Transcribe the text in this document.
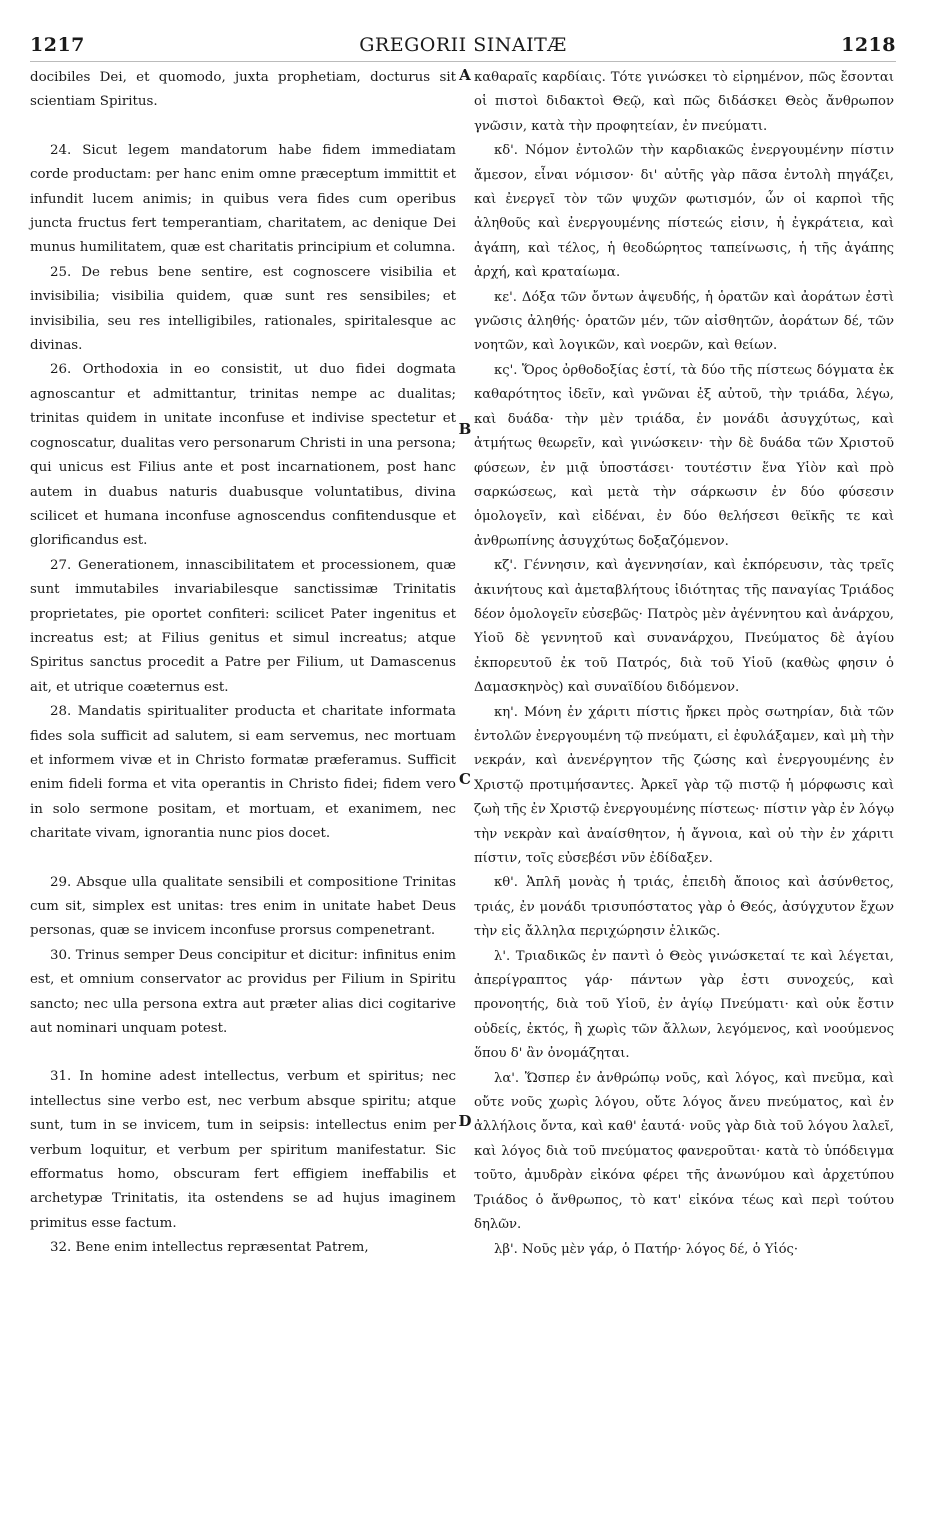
1217	GREGORII SINAITÆ	1218

docibiles Dei, et quomodo, juxta prophetiam, docturus sit scientiam Spiritus.

24. Sicut legem mandatorum habe fidem immediatam corde productam: per hanc enim omne præceptum immittit et infundit lucem animis; in quibus vera fides cum operibus juncta fructus fert temperantiam, charitatem, ac denique Dei munus humilitatem, quæ est charitatis principium et columna.

25. De rebus bene sentire, est cognoscere visibilia et invisibilia; visibilia quidem, quæ sunt res sensibiles; et invisibilia, seu res intelligibiles, rationales, spiritalesque ac divinas.

26. Orthodoxia in eo consistit, ut duo fidei dogmata agnoscantur et admittantur, trinitas nempe ac dualitas; trinitas quidem in unitate inconfuse et indivise spectetur et cognoscatur, dualitas vero personarum Christi in una persona; qui unicus est Filius ante et post incarnationem, post hanc autem in duabus naturis duabusque voluntatibus, divina scilicet et humana inconfuse agnoscendus confitendusque et glorificandus est.

27. Generationem, innascibilitatem et processionem, quæ sunt immutabiles invariabilesque sanctissimæ Trinitatis proprietates, pie oportet confiteri: scilicet Pater ingenitus et increatus est; at Filius genitus et simul increatus; atque Spiritus sanctus procedit a Patre per Filium, ut Damascenus ait, et utrique coæternus est.

28. Mandatis spiritualiter producta et charitate informata fides sola sufficit ad salutem, si eam servemus, nec mortuam et informem vivæ et in Christo formatæ præferamus. Sufficit enim fideli forma et vita operantis in Christo fidei; fidem vero in solo sermone positam, et mortuam, et exanimem, nec charitate vivam, ignorantia nunc pios docet.

29. Absque ulla qualitate sensibili et compositione Trinitas cum sit, simplex est unitas: tres enim in unitate habet Deus personas, quæ se invicem inconfuse prorsus compenetrant.

30. Trinus semper Deus concipitur et dicitur: infinitus enim est, et omnium conservator ac providus per Filium in Spiritu sancto; nec ulla persona extra aut præter alias dici cogitarive aut nominari unquam potest.

31. In homine adest intellectus, verbum et spiritus; nec intellectus sine verbo est, nec verbum absque spiritu; atque sunt, tum in se invicem, tum in seipsis: intellectus enim per verbum loquitur, et verbum per spiritum manifestatur. Sic efformatus homo, obscuram fert effigiem ineffabilis et archetypæ Trinitatis, ita ostendens se ad hujus imaginem primitus esse factum.

32. Bene enim intellectus repræsentat Patrem,

A
B
C
D

καθαραῖς καρδίαις. Τότε γινώσκει τὸ εἰρημένον, πῶς ἔσονται οἱ πιστοὶ διδακτοὶ Θεῷ, καὶ πῶς διδάσκει Θεὸς ἄνθρωπον γνῶσιν, κατὰ τὴν προφητείαν, ἐν πνεύματι.

κδ'. Νόμον ἐντολῶν τὴν καρδιακῶς ἐνεργουμένην πίστιν ἄμεσον, εἶναι νόμισον· δι' αὐτῆς γὰρ πᾶσα ἐντολὴ πηγάζει, καὶ ἐνεργεῖ τὸν τῶν ψυχῶν φωτισμόν, ὧν οἱ καρποὶ τῆς ἀληθοῦς καὶ ἐνεργουμένης πίστεώς εἰσιν, ἡ ἐγκράτεια, καὶ ἀγάπη, καὶ τέλος, ἡ θεοδώρητος ταπείνωσις, ἡ τῆς ἀγάπης ἀρχή, καὶ κραταίωμα.

κε'. Δόξα τῶν ὄντων ἀψευδής, ἡ ὁρατῶν καὶ ἀοράτων ἐστὶ γνῶσις ἀληθής· ὁρατῶν μέν, τῶν αἰσθητῶν, ἀοράτων δέ, τῶν νοητῶν, καὶ λογικῶν, καὶ νοερῶν, καὶ θείων.

κς'. Ὅρος ὀρθοδοξίας ἐστί, τὰ δύο τῆς πίστεως δόγματα ἐκ καθαρότητος ἰδεῖν, καὶ γνῶναι ἐξ αὐτοῦ, τὴν τριάδα, λέγω, καὶ δυάδα· τὴν μὲν τριάδα, ἐν μονάδι ἀσυγχύτως, καὶ ἀτμήτως θεωρεῖν, καὶ γινώσκειν· τὴν δὲ δυάδα τῶν Χριστοῦ φύσεων, ἐν μιᾷ ὑποστάσει· τουτέστιν ἕνα Υἱὸν καὶ πρὸ σαρκώσεως, καὶ μετὰ τὴν σάρκωσιν ἐν δύο φύσεσιν ὁμολογεῖν, καὶ εἰδέναι, ἐν δύο θελήσεσι θεϊκῆς τε καὶ ἀνθρωπίνης ἀσυγχύτως δοξαζόμενον.

κζ'. Γέννησιν, καὶ ἀγεννησίαν, καὶ ἐκπόρευσιν, τὰς τρεῖς ἀκινήτους καὶ ἀμεταβλήτους ἰδιότητας τῆς παναγίας Τριάδος δέον ὁμολογεῖν εὐσεβῶς· Πατρὸς μὲν ἀγέννητου καὶ ἀνάρχου, Υἱοῦ δὲ γεννητοῦ καὶ συνανάρχου, Πνεύματος δὲ ἁγίου ἐκπορευτοῦ ἐκ τοῦ Πατρός, διὰ τοῦ Υἱοῦ (καθὼς φησιν ὁ Δαμασκηνὸς) καὶ συναϊδίου διδόμενον.

κη'. Μόνη ἐν χάριτι πίστις ἤρκει πρὸς σωτηρίαν, διὰ τῶν ἐντολῶν ἐνεργουμένη τῷ πνεύματι, εἰ ἐφυλάξαμεν, καὶ μὴ τὴν νεκράν, καὶ ἀνενέργητον τῆς ζώσης καὶ ἐνεργουμένης ἐν Χριστῷ προτιμήσαντες. Ἀρκεῖ γὰρ τῷ πιστῷ ἡ μόρφωσις καὶ ζωὴ τῆς ἐν Χριστῷ ἐνεργουμένης πίστεως· πίστιν γὰρ ἐν λόγῳ τὴν νεκρὰν καὶ ἀναίσθητον, ἡ ἄγνοια, καὶ οὐ τὴν ἐν χάριτι πίστιν, τοῖς εὐσεβέσι νῦν ἐδίδαξεν.

κθ'. Ἁπλῆ μονὰς ἡ τριάς, ἐπειδὴ ἄποιος καὶ ἀσύνθετος, τριάς, ἐν μονάδι τρισυπόστατος γὰρ ὁ Θεός, ἀσύγχυτον ἔχων τὴν εἰς ἄλληλα περιχώρησιν ἐλικῶς.

λ'. Τριαδικῶς ἐν παντὶ ὁ Θεὸς γινώσκεταί τε καὶ λέγεται, ἀπερίγραπτος γάρ· πάντων γὰρ ἐστι συνοχεύς, καὶ προνοητής, διὰ τοῦ Υἱοῦ, ἐν ἁγίῳ Πνεύματι· καὶ οὐκ ἔστιν οὐδείς, ἐκτός, ἢ χωρὶς τῶν ἄλλων, λεγόμενος, καὶ νοούμενος ὅπου δ' ἂν ὀνομάζηται.

λα'. Ὥσπερ ἐν ἀνθρώπῳ νοῦς, καὶ λόγος, καὶ πνεῦμα, καὶ οὔτε νοῦς χωρὶς λόγου, οὔτε λόγος ἄνευ πνεύματος, καὶ ἐν ἀλλήλοις ὄντα, καὶ καθ' ἑαυτά· νοῦς γὰρ διὰ τοῦ λόγου λαλεῖ, καὶ λόγος διὰ τοῦ πνεύματος φανεροῦται· κατὰ τὸ ὑπόδειγμα τοῦτο, ἀμυδρὰν εἰκόνα φέρει τῆς ἀνωνύμου καὶ ἀρχετύπου Τριάδος ὁ ἄνθρωπος, τὸ κατ' εἰκόνα τέως καὶ περὶ τούτου δηλῶν.

λβ'. Νοῦς μὲν γάρ, ὁ Πατήρ· λόγος δέ, ὁ Υἱός·
